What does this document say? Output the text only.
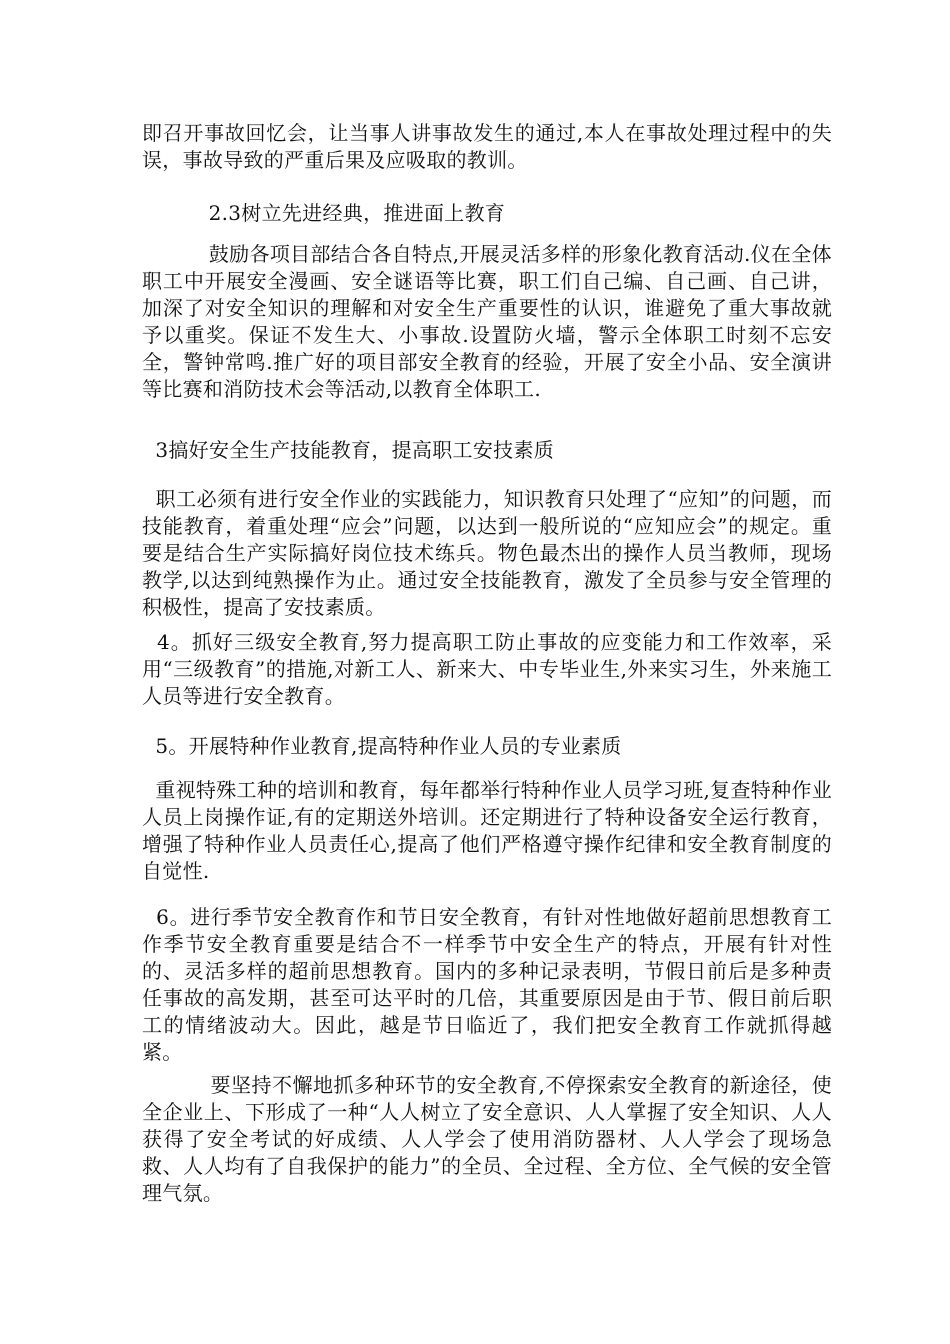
即召开事故回忆会，让当事人讲事故发生的通过,本人在事故处理过程中的失误，事故导致的严重后果及应吸取的教训。

2.3树立先进经典，推进面上教育

鼓励各项目部结合各自特点,开展灵活多样的形象化教育活动.仪在全体职工中开展安全漫画、安全谜语等比赛，职工们自己编、自己画、自己讲，加深了对安全知识的理解和对安全生产重要性的认识，谁避免了重大事故就予以重奖。保证不发生大、小事故.设置防火墙，警示全体职工时刻不忘安全，警钟常鸣.推广好的项目部安全教育的经验，开展了安全小品、安全演讲等比赛和消防技术会等活动,以教育全体职工.

3搞好安全生产技能教育，提高职工安技素质

职工必须有进行安全作业的实践能力，知识教育只处理了“应知”的问题，而技能教育，着重处理“应会”问题，以达到一般所说的“应知应会”的规定。重要是结合生产实际搞好岗位技术练兵。物色最杰出的操作人员当教师，现场教学,以达到纯熟操作为止。通过安全技能教育，激发了全员参与安全管理的积极性，提高了安技素质。

4。抓好三级安全教育,努力提高职工防止事故的应变能力和工作效率，采用“三级教育”的措施,对新工人、新来大、中专毕业生,外来实习生，外来施工人员等进行安全教育。

5。开展特种作业教育,提高特种作业人员的专业素质

重视特殊工种的培训和教育，每年都举行特种作业人员学习班,复查特种作业人员上岗操作证,有的定期送外培训。还定期进行了特种设备安全运行教育，增强了特种作业人员责任心,提高了他们严格遵守操作纪律和安全教育制度的自觉性.

6。进行季节安全教育作和节日安全教育，有针对性地做好超前思想教育工作季节安全教育重要是结合不一样季节中安全生产的特点，开展有针对性的、灵活多样的超前思想教育。国内的多种记录表明，节假日前后是多种责任事故的高发期，甚至可达平时的几倍，其重要原因是由于节、假日前后职工的情绪波动大。因此，越是节日临近了，我们把安全教育工作就抓得越紧。

要坚持不懈地抓多种环节的安全教育,不停探索安全教育的新途径，使全企业上、下形成了一种“人人树立了安全意识、人人掌握了安全知识、人人获得了安全考试的好成绩、人人学会了使用消防器材、人人学会了现场急救、人人均有了自我保护的能力”的全员、全过程、全方位、全气候的安全管理气氛。
